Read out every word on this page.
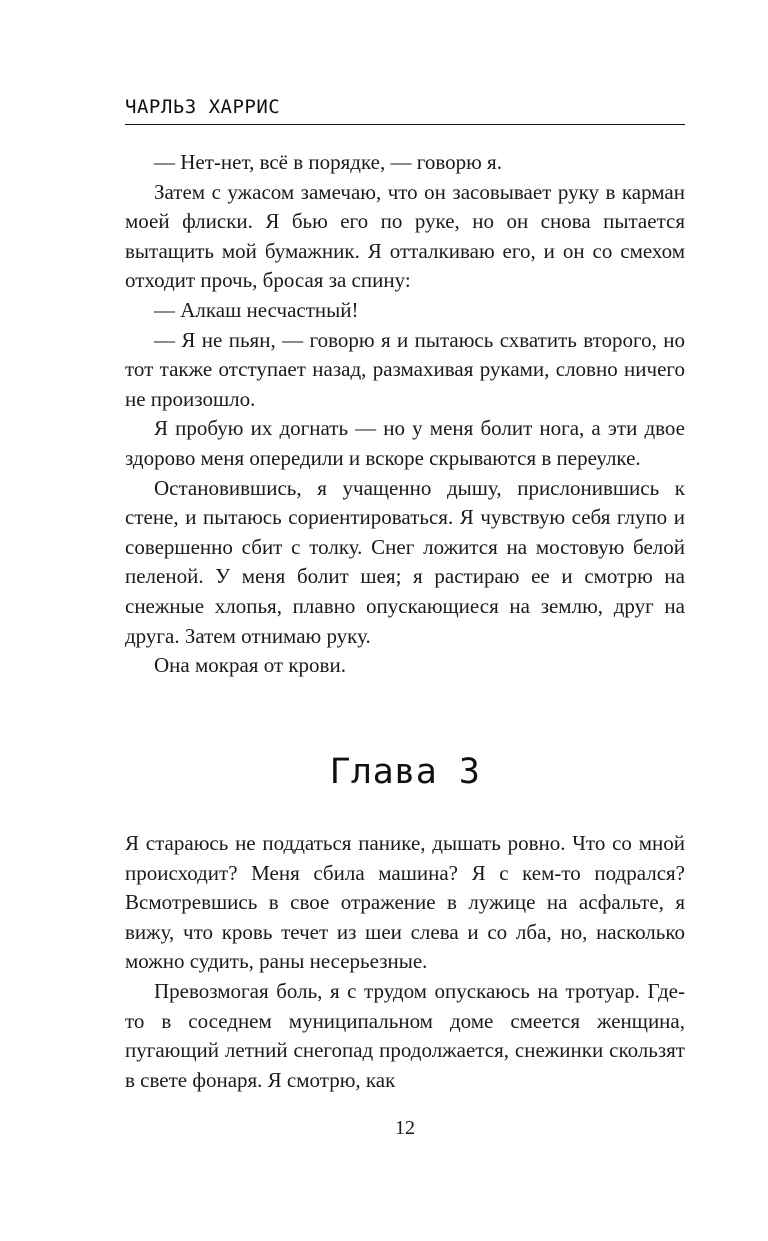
ЧАРЛЬЗ ХАРРИС

— Нет-нет, всё в порядке, — говорю я.

Затем с ужасом замечаю, что он засовывает руку в карман моей флиски. Я бью его по руке, но он снова пытается вытащить мой бумажник. Я отталкиваю его, и он со смехом отходит прочь, бросая за спину:

— Алкаш несчастный!

— Я не пьян, — говорю я и пытаюсь схватить второго, но тот также отступает назад, размахивая руками, словно ничего не произошло.

Я пробую их догнать — но у меня болит нога, а эти двое здорово меня опередили и вскоре скрываются в переулке.

Остановившись, я учащенно дышу, прислонившись к стене, и пытаюсь сориентироваться. Я чувствую себя глупо и совершенно сбит с толку. Снег ложится на мостовую белой пеленой. У меня болит шея; я растираю ее и смотрю на снежные хлопья, плавно опускающиеся на землю, друг на друга. Затем отнимаю руку.

Она мокрая от крови.

Глава 3

Я стараюсь не поддаться панике, дышать ровно. Что со мной происходит? Меня сбила машина? Я с кем-то подрался? Всмотревшись в свое отражение в лужице на асфальте, я вижу, что кровь течет из шеи слева и со лба, но, насколько можно судить, раны несерьезные.

Превозмогая боль, я с трудом опускаюсь на тротуар. Где-то в соседнем муниципальном доме смеется женщина, пугающий летний снегопад продолжается, снежинки скользят в свете фонаря. Я смотрю, как

12
